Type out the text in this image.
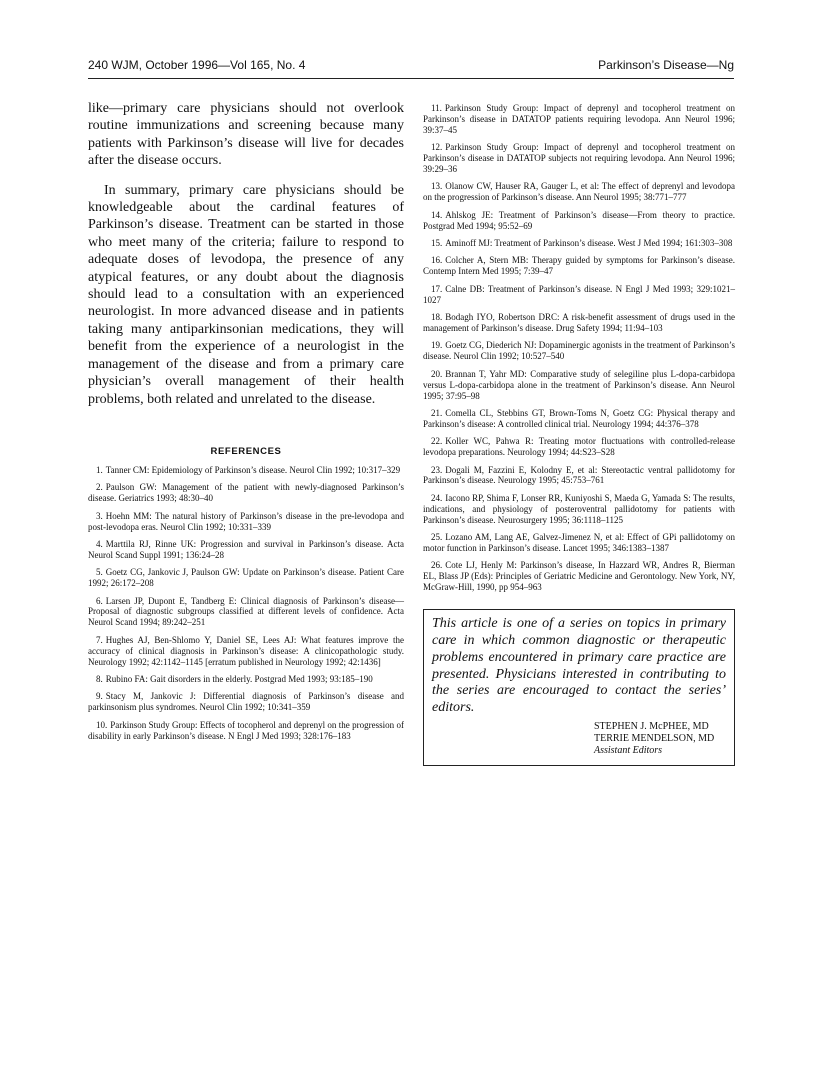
240 WJM, October 1996—Vol 165, No. 4	Parkinson’s Disease—Ng

like—primary care physicians should not overlook routine immunizations and screening because many patients with Parkinson’s disease will live for decades after the disease occurs.

In summary, primary care physicians should be knowledgeable about the cardinal features of Parkinson’s disease. Treatment can be started in those who meet many of the criteria; failure to respond to adequate doses of levodopa, the presence of any atypical features, or any doubt about the diagnosis should lead to a consultation with an experienced neurologist. In more advanced disease and in patients taking many antiparkinsonian medications, they will benefit from the experience of a neurologist in the management of the disease and from a primary care physician’s overall management of their health problems, both related and unrelated to the disease.

REFERENCES
1. Tanner CM: Epidemiology of Parkinson’s disease. Neurol Clin 1992; 10:317–329
2. Paulson GW: Management of the patient with newly-diagnosed Parkinson’s disease. Geriatrics 1993; 48:30–40
3. Hoehn MM: The natural history of Parkinson’s disease in the pre-levodopa and post-levodopa eras. Neurol Clin 1992; 10:331–339
4. Marttila RJ, Rinne UK: Progression and survival in Parkinson’s disease. Acta Neurol Scand Suppl 1991; 136:24–28
5. Goetz CG, Jankovic J, Paulson GW: Update on Parkinson’s disease. Patient Care 1992; 26:172–208
6. Larsen JP, Dupont E, Tandberg E: Clinical diagnosis of Parkinson’s disease—Proposal of diagnostic subgroups classified at different levels of confidence. Acta Neurol Scand 1994; 89:242–251
7. Hughes AJ, Ben-Shlomo Y, Daniel SE, Lees AJ: What features improve the accuracy of clinical diagnosis in Parkinson’s disease: A clinicopathologic study. Neurology 1992; 42:1142–1145 [erratum published in Neurology 1992; 42:1436]
8. Rubino FA: Gait disorders in the elderly. Postgrad Med 1993; 93:185–190
9. Stacy M, Jankovic J: Differential diagnosis of Parkinson’s disease and parkinsonism plus syndromes. Neurol Clin 1992; 10:341–359
10. Parkinson Study Group: Effects of tocopherol and deprenyl on the progression of disability in early Parkinson’s disease. N Engl J Med 1993; 328:176–183
11. Parkinson Study Group: Impact of deprenyl and tocopherol treatment on Parkinson’s disease in DATATOP patients requiring levodopa. Ann Neurol 1996; 39:37–45
12. Parkinson Study Group: Impact of deprenyl and tocopherol treatment on Parkinson’s disease in DATATOP subjects not requiring levodopa. Ann Neurol 1996; 39:29–36
13. Olanow CW, Hauser RA, Gauger L, et al: The effect of deprenyl and levodopa on the progression of Parkinson’s disease. Ann Neurol 1995; 38:771–777
14. Ahlskog JE: Treatment of Parkinson’s disease—From theory to practice. Postgrad Med 1994; 95:52–69
15. Aminoff MJ: Treatment of Parkinson’s disease. West J Med 1994; 161:303–308
16. Colcher A, Stern MB: Therapy guided by symptoms for Parkinson’s disease. Contemp Intern Med 1995; 7:39–47
17. Calne DB: Treatment of Parkinson’s disease. N Engl J Med 1993; 329:1021–1027
18. Bodagh IYO, Robertson DRC: A risk-benefit assessment of drugs used in the management of Parkinson’s disease. Drug Safety 1994; 11:94–103
19. Goetz CG, Diederich NJ: Dopaminergic agonists in the treatment of Parkinson’s disease. Neurol Clin 1992; 10:527–540
20. Brannan T, Yahr MD: Comparative study of selegiline plus L-dopa-carbidopa versus L-dopa-carbidopa alone in the treatment of Parkinson’s disease. Ann Neurol 1995; 37:95–98
21. Comella CL, Stebbins GT, Brown-Toms N, Goetz CG: Physical therapy and Parkinson’s disease: A controlled clinical trial. Neurology 1994; 44:376–378
22. Koller WC, Pahwa R: Treating motor fluctuations with controlled-release levodopa preparations. Neurology 1994; 44:S23–S28
23. Dogali M, Fazzini E, Kolodny E, et al: Stereotactic ventral pallidotomy for Parkinson’s disease. Neurology 1995; 45:753–761
24. Iacono RP, Shima F, Lonser RR, Kuniyoshi S, Maeda G, Yamada S: The results, indications, and physiology of posteroventral pallidotomy for patients with Parkinson’s disease. Neurosurgery 1995; 36:1118–1125
25. Lozano AM, Lang AE, Galvez-Jimenez N, et al: Effect of GPi pallidotomy on motor function in Parkinson’s disease. Lancet 1995; 346:1383–1387
26. Cote LJ, Henly M: Parkinson’s disease, In Hazzard WR, Andres R, Bierman EL, Blass JP (Eds): Principles of Geriatric Medicine and Gerontology. New York, NY, McGraw-Hill, 1990, pp 954–963

This article is one of a series on topics in primary care in which common diagnostic or therapeutic problems encountered in primary care practice are presented. Physicians interested in contributing to the series are encouraged to contact the series’ editors.

STEPHEN J. McPHEE, MD
TERRIE MENDELSON, MD
Assistant Editors
